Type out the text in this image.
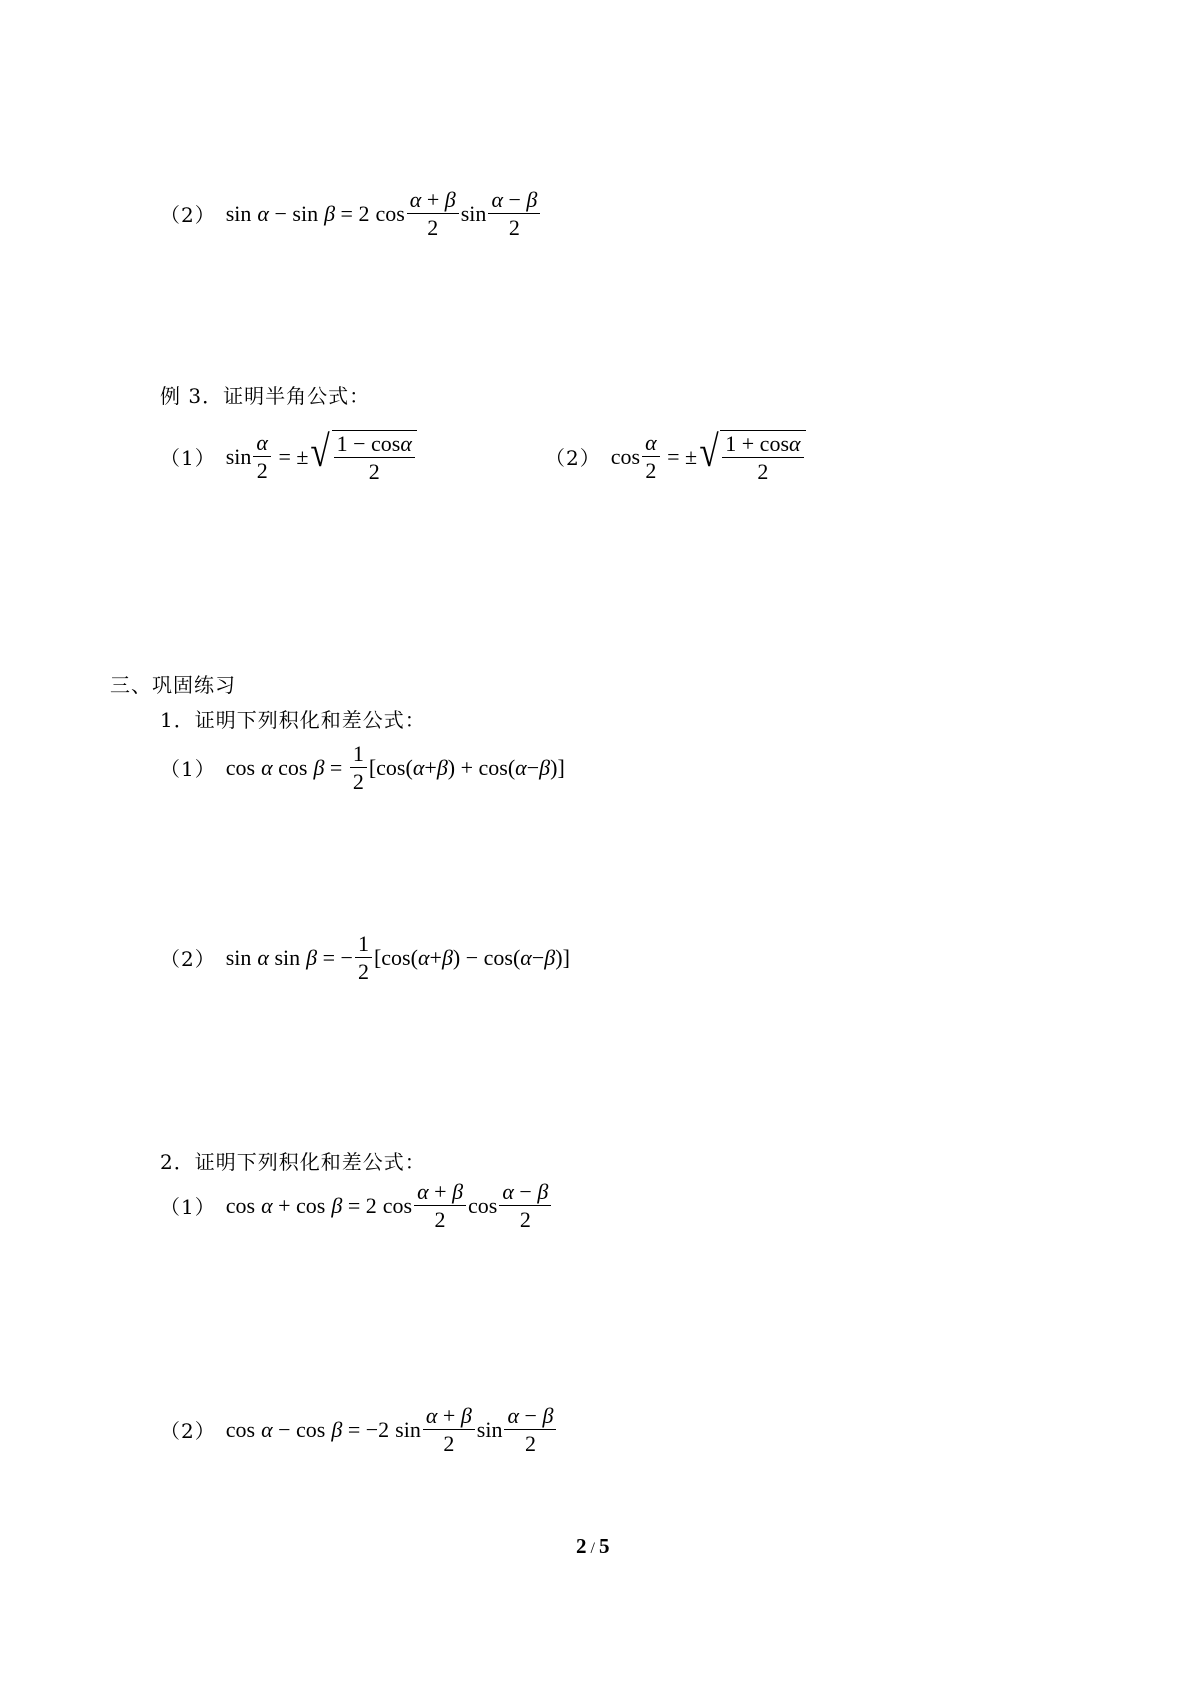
（2） sin α − sin β = 2 $\cos \frac{\alpha + \beta}{2}$ $\sin \frac{\alpha - \beta}{2}$
例 3．证明半角公式：
（1） $\sin \frac{\alpha}{2}$ = ± √ $\frac{1 - \cos\alpha}{2}$	（2） $\cos \frac{\alpha}{2}$ = ± √ $\frac{1 + \cos\alpha}{2}$
三、巩固练习
1．证明下列积化和差公式：
（1） cos α $\cos \beta = \frac{1}{2} [\cos$( α + β ) + cos( α − β )]
（2） sin α sin β = − $\frac{1}{2} [\cos$( α + β ) − cos( α − β )]
2．证明下列积化和差公式：
（1） cos α + cos β = 2 $\cos \frac{\alpha + \beta}{2}$ $\cos \frac{\alpha - \beta}{2}$
（2） cos α − cos β = −2 $\sin \frac{\alpha + \beta}{2}$ $\sin \frac{\alpha - \beta}{2}$
2 / 5
